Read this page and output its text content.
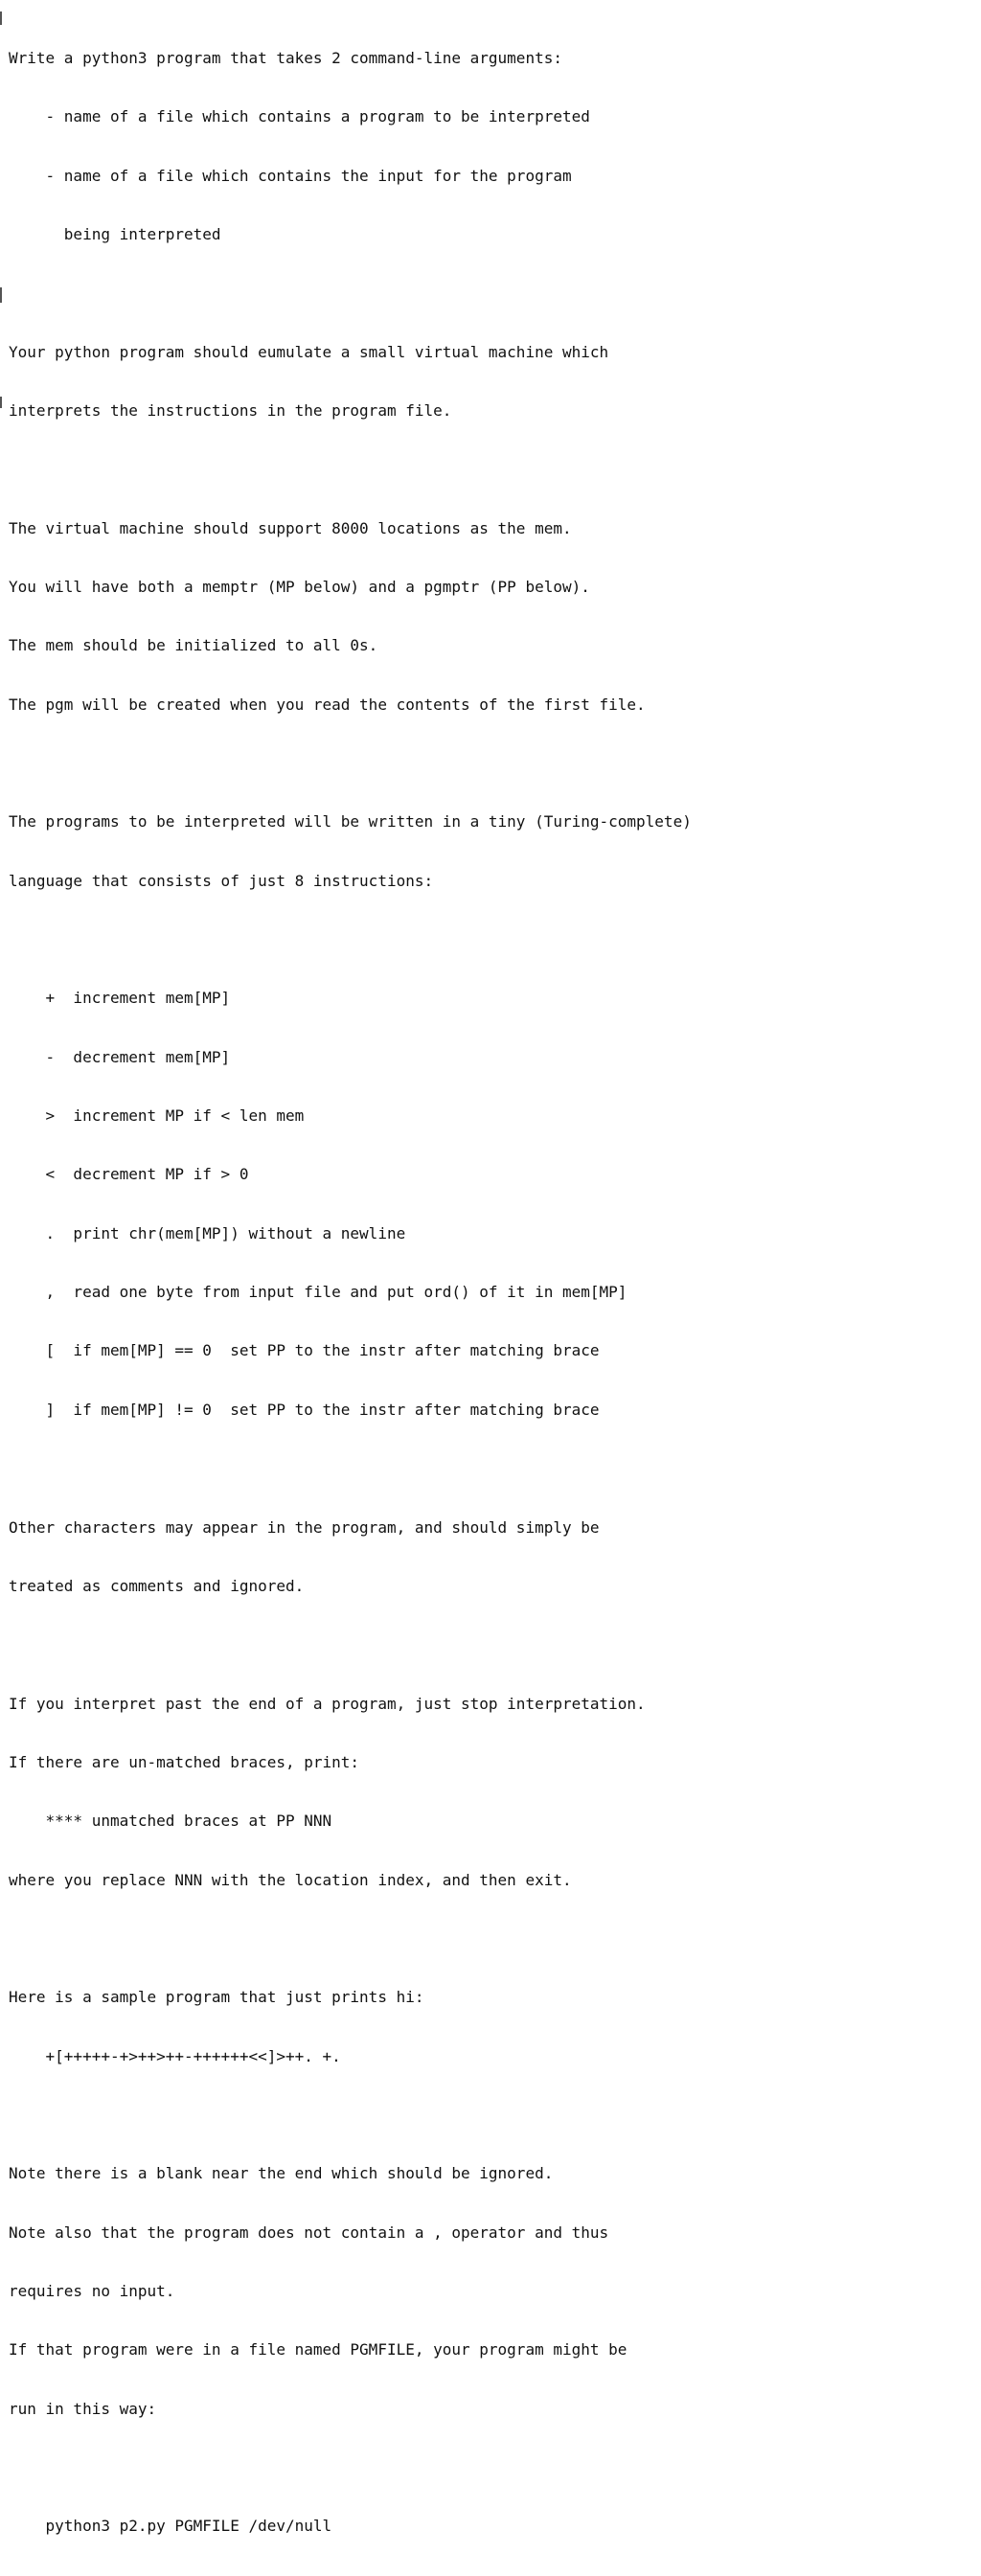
Write a python3 program that takes 2 command-line arguments:

- name of a file which contains a program to be interpreted

- name of a file which contains the input for the program

being interpreted

Your python program should eumulate a small virtual machine which

interprets the instructions in the program file.

The virtual machine should support 8000 locations as the mem.

You will have both a memptr (MP below) and a pgmptr (PP below).

The mem should be initialized to all 0s.

The pgm will be created when you read the contents of the first file.

The programs to be interpreted will be written in a tiny (Turing-complete)

language that consists of just 8 instructions:

+  increment mem[MP]

-  decrement mem[MP]

>  increment MP if < len mem

<  decrement MP if > 0

.  print chr(mem[MP]) without a newline

,  read one byte from input file and put ord() of it in mem[MP]

[  if mem[MP] == 0  set PP to the instr after matching brace

]  if mem[MP] != 0  set PP to the instr after matching brace

Other characters may appear in the program, and should simply be

treated as comments and ignored.

If you interpret past the end of a program, just stop interpretation.

If there are un-matched braces, print:

**** unmatched braces at PP NNN

where you replace NNN with the location index, and then exit.

Here is a sample program that just prints hi:

+[+++++-+>++>++-++++++<<]>++. +.

Note there is a blank near the end which should be ignored.

Note also that the program does not contain a , operator and thus

requires no input.

If that program were in a file named PGMFILE, your program might be

run in this way:

python3 p2.py PGMFILE /dev/null
